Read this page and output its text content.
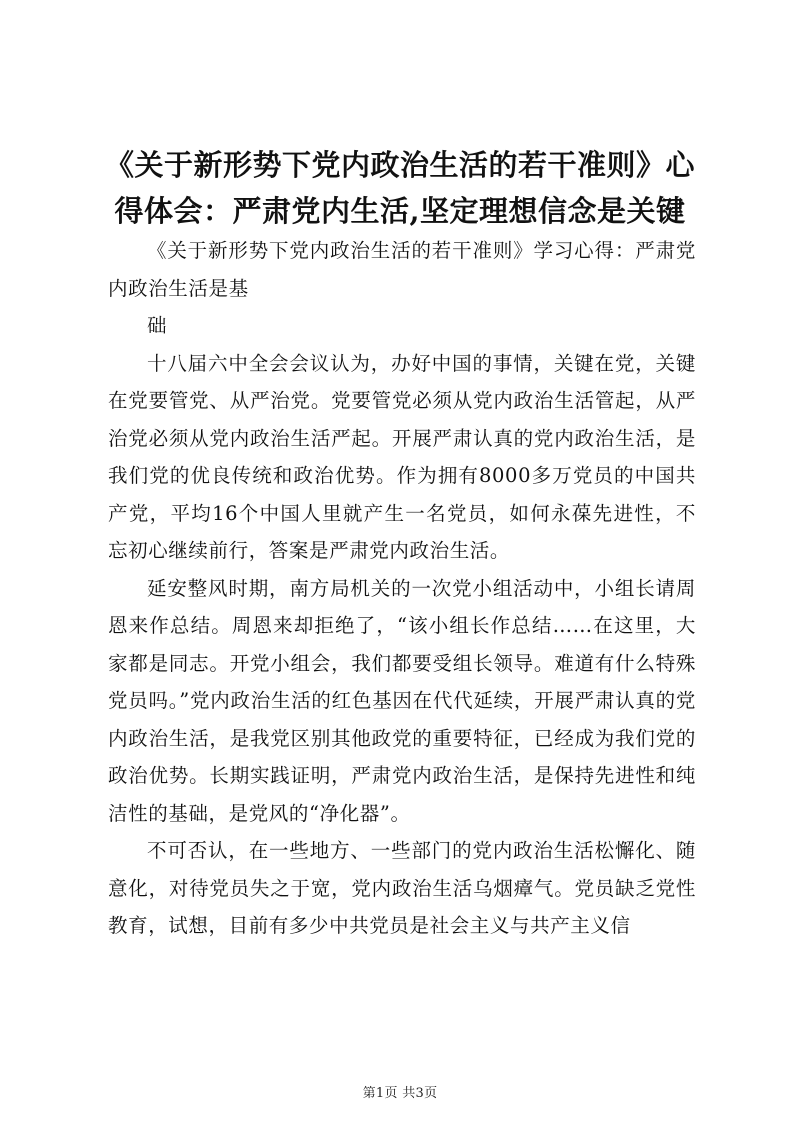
《关于新形势下党内政治生活的若干准则》心得体会：严肃党内生活,坚定理想信念是关键

《关于新形势下党内政治生活的若干准则》学习心得：严肃党内政治生活是基

础

十八届六中全会会议认为，办好中国的事情，关键在党，关键在党要管党、从严治党。党要管党必须从党内政治生活管起，从严治党必须从党内政治生活严起。开展严肃认真的党内政治生活，是我们党的优良传统和政治优势。作为拥有8000多万党员的中国共产党，平均16个中国人里就产生一名党员，如何永葆先进性，不忘初心继续前行，答案是严肃党内政治生活。

延安整风时期，南方局机关的一次党小组活动中，小组长请周恩来作总结。周恩来却拒绝了，“该小组长作总结……在这里，大家都是同志。开党小组会，我们都要受组长领导。难道有什么特殊党员吗。”党内政治生活的红色基因在代代延续，开展严肃认真的党内政治生活，是我党区别其他政党的重要特征，已经成为我们党的政治优势。长期实践证明，严肃党内政治生活，是保持先进性和纯洁性的基础，是党风的“净化器”。

不可否认，在一些地方、一些部门的党内政治生活松懈化、随意化，对待党员失之于宽，党内政治生活乌烟瘴气。党员缺乏党性教育，试想，目前有多少中共党员是社会主义与共产主义信

第1页 共3页
